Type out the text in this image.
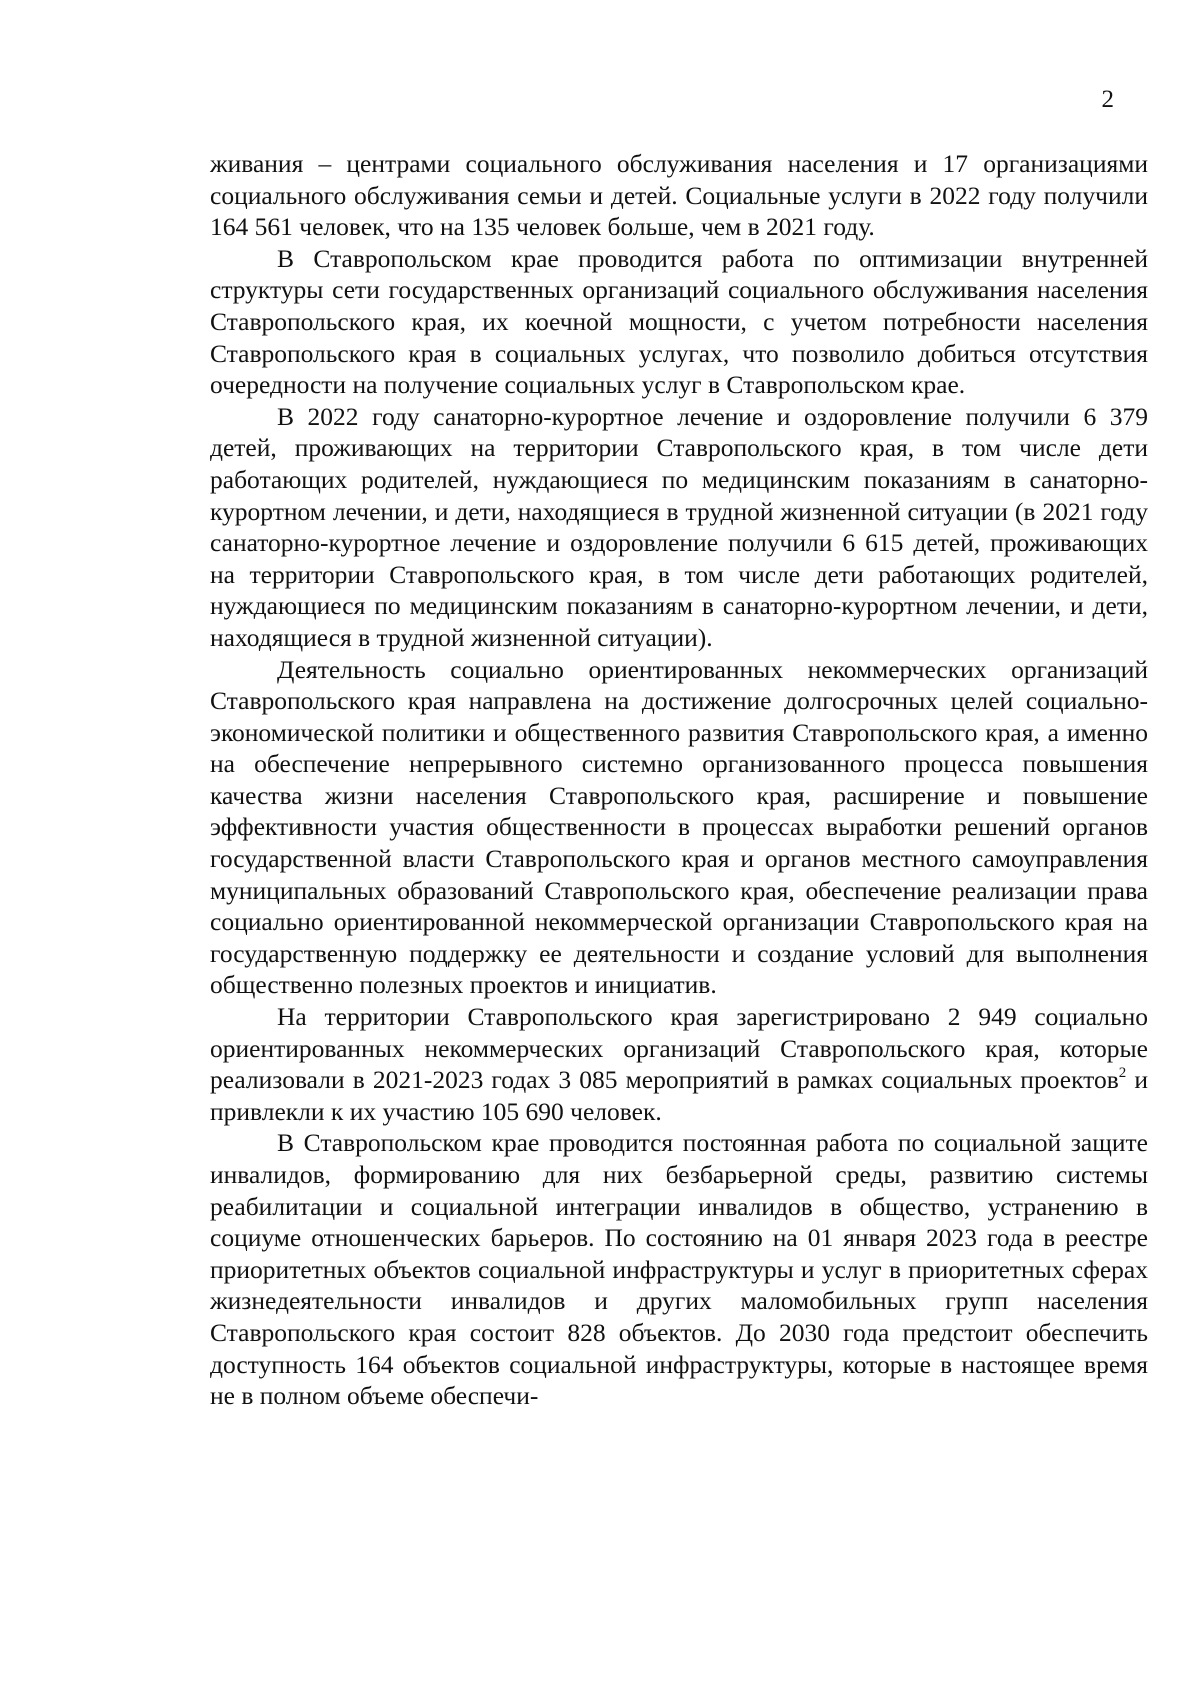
2

живания – центрами социального обслуживания населения и 17 организациями социального обслуживания семьи и детей. Социальные услуги в 2022 году получили 164 561 человек, что на 135 человек больше, чем в 2021 году.

В Ставропольском крае проводится работа по оптимизации внутренней структуры сети государственных организаций социального обслуживания населения Ставропольского края, их коечной мощности, с учетом потребности населения Ставропольского края в социальных услугах, что позволило добиться отсутствия очередности на получение социальных услуг в Ставропольском крае.

В 2022 году санаторно-курортное лечение и оздоровление получили 6 379 детей, проживающих на территории Ставропольского края, в том числе дети работающих родителей, нуждающиеся по медицинским показаниям в санаторно-курортном лечении, и дети, находящиеся в трудной жизненной ситуации (в 2021 году санаторно-курортное лечение и оздоровление получили 6 615 детей, проживающих на территории Ставропольского края, в том числе дети работающих родителей, нуждающиеся по медицинским показаниям в санаторно-курортном лечении, и дети, находящиеся в трудной жизненной ситуации).

Деятельность социально ориентированных некоммерческих организаций Ставропольского края направлена на достижение долгосрочных целей социально-экономической политики и общественного развития Ставропольского края, а именно на обеспечение непрерывного системно организованного процесса повышения качества жизни населения Ставропольского края, расширение и повышение эффективности участия общественности в процессах выработки решений органов государственной власти Ставропольского края и органов местного самоуправления муниципальных образований Ставропольского края, обеспечение реализации права социально ориентированной некоммерческой организации Ставропольского края на государственную поддержку ее деятельности и создание условий для выполнения общественно полезных проектов и инициатив.

На территории Ставропольского края зарегистрировано 2 949 социально ориентированных некоммерческих организаций Ставропольского края, которые реализовали в 2021-2023 годах 3 085 мероприятий в рамках социальных проектов$^2$ и привлекли к их участию 105 690 человек.

В Ставропольском крае проводится постоянная работа по социальной защите инвалидов, формированию для них безбарьерной среды, развитию системы реабилитации и социальной интеграции инвалидов в общество, устранению в социуме отношенческих барьеров. По состоянию на 01 января 2023 года в реестре приоритетных объектов социальной инфраструктуры и услуг в приоритетных сферах жизнедеятельности инвалидов и других маломобильных групп населения Ставропольского края состоит 828 объектов. До 2030 года предстоит обеспечить доступность 164 объектов социальной инфраструктуры, которые в настоящее время не в полном объеме обеспечи-
